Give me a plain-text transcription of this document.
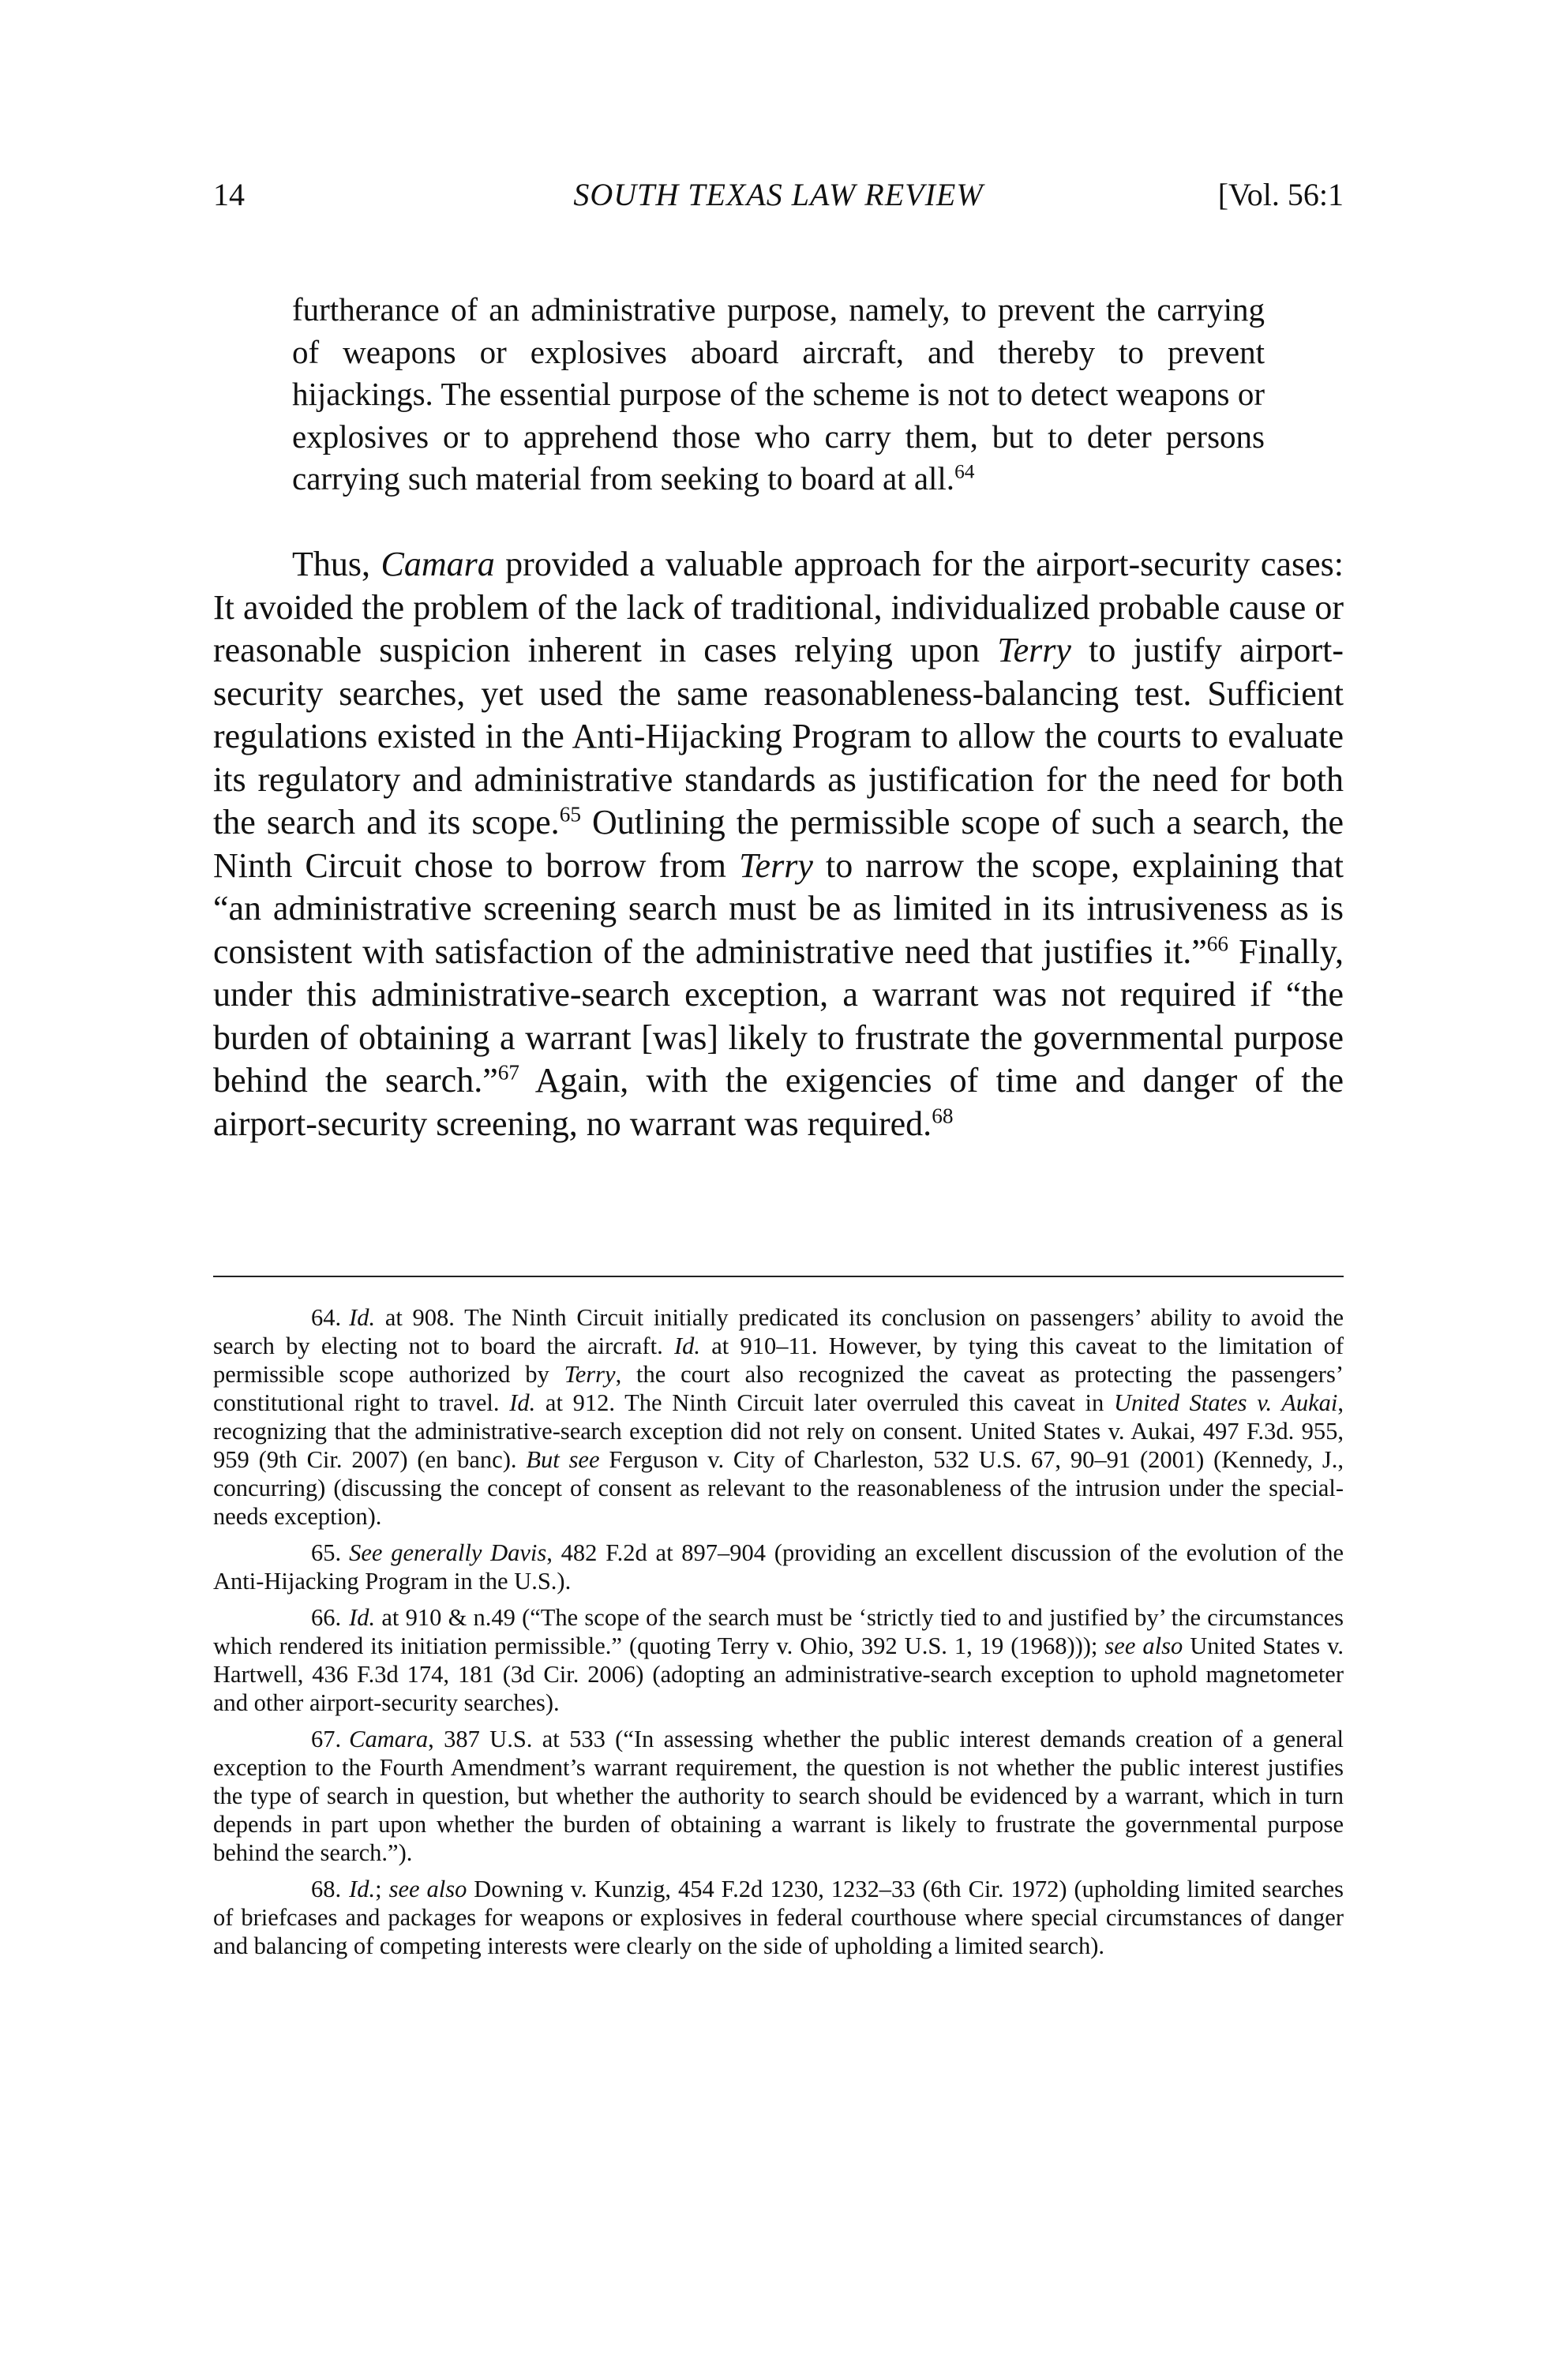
14	SOUTH TEXAS LAW REVIEW	[Vol. 56:1

furtherance of an administrative purpose, namely, to prevent the carrying of weapons or explosives aboard aircraft, and thereby to prevent hijackings. The essential purpose of the scheme is not to detect weapons or explosives or to apprehend those who carry them, but to deter persons carrying such material from seeking to board at all.$^{64}$

Thus, Camara provided a valuable approach for the airport-security cases: It avoided the problem of the lack of traditional, individualized probable cause or reasonable suspicion inherent in cases relying upon Terry to justify airport-security searches, yet used the same reasonableness-balancing test. Sufficient regulations existed in the Anti-Hijacking Program to allow the courts to evaluate its regulatory and administrative standards as justification for the need for both the search and its scope.$^{65}$ Outlining the permissible scope of such a search, the Ninth Circuit chose to borrow from Terry to narrow the scope, explaining that “an administrative screening search must be as limited in its intrusiveness as is consistent with satisfaction of the administrative need that justifies it.”$^{66}$ Finally, under this administrative-search exception, a warrant was not required if “the burden of obtaining a warrant [was] likely to frustrate the governmental purpose behind the search.”$^{67}$ Again, with the exigencies of time and danger of the airport-security screening, no warrant was required.$^{68}$

64. Id. at 908. The Ninth Circuit initially predicated its conclusion on passengers’ ability to avoid the search by electing not to board the aircraft. Id. at 910–11. However, by tying this caveat to the limitation of permissible scope authorized by Terry, the court also recognized the caveat as protecting the passengers’ constitutional right to travel. Id. at 912. The Ninth Circuit later overruled this caveat in United States v. Aukai, recognizing that the administrative-search exception did not rely on consent. United States v. Aukai, 497 F.3d. 955, 959 (9th Cir. 2007) (en banc). But see Ferguson v. City of Charleston, 532 U.S. 67, 90–91 (2001) (Kennedy, J., concurring) (discussing the concept of consent as relevant to the reasonableness of the intrusion under the special-needs exception).

65. See generally Davis, 482 F.2d at 897–904 (providing an excellent discussion of the evolution of the Anti-Hijacking Program in the U.S.).

66. Id. at 910 & n.49 (“The scope of the search must be ‘strictly tied to and justified by’ the circumstances which rendered its initiation permissible.” (quoting Terry v. Ohio, 392 U.S. 1, 19 (1968))); see also United States v. Hartwell, 436 F.3d 174, 181 (3d Cir. 2006) (adopting an administrative-search exception to uphold magnetometer and other airport-security searches).

67. Camara, 387 U.S. at 533 (“In assessing whether the public interest demands creation of a general exception to the Fourth Amendment’s warrant requirement, the question is not whether the public interest justifies the type of search in question, but whether the authority to search should be evidenced by a warrant, which in turn depends in part upon whether the burden of obtaining a warrant is likely to frustrate the governmental purpose behind the search.”).

68. Id.; see also Downing v. Kunzig, 454 F.2d 1230, 1232–33 (6th Cir. 1972) (upholding limited searches of briefcases and packages for weapons or explosives in federal courthouse where special circumstances of danger and balancing of competing interests were clearly on the side of upholding a limited search).
